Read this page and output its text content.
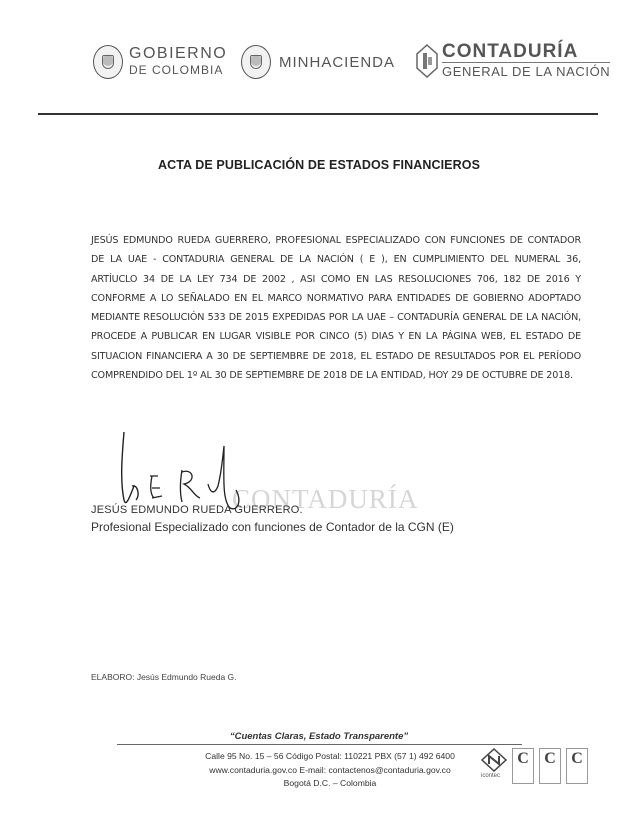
GOBIERNO
DE COLOMBIA	MINHACIENDA CONTADURÍA
GENERAL DE LA NACIÓN
ACTA DE PUBLICACIÓN DE ESTADOS FINANCIEROS
JESÚS EDMUNDO RUEDA GUERRERO, PROFESIONAL ESPECIALIZADO CON FUNCIONES DE CONTADOR DE LA UAE - CONTADURIA GENERAL DE LA NACIÓN ( E ), EN CUMPLIMIENTO DEL NUMERAL 36, ARTÍUCLO 34 DE LA LEY 734 DE 2002 , ASI COMO EN LAS RESOLUCIONES 706, 182 DE 2016 Y CONFORME A LO SEÑALADO EN EL MARCO NORMATIVO PARA ENTIDADES DE GOBIERNO ADOPTADO MEDIANTE RESOLUCIÓN 533 DE 2015 EXPEDIDAS POR LA UAE – CONTADURÍA GENERAL DE LA NACIÓN, PROCEDE A PUBLICAR EN LUGAR VISIBLE POR CINCO (5) DIAS Y EN LA PÁGINA WEB, EL ESTADO DE SITUACION FINANCIERA A 30 DE SEPTIEMBRE DE 2018, EL ESTADO DE RESULTADOS POR EL PERÍODO COMPRENDIDO DEL 1º AL 30 DE SEPTIEMBRE DE 2018 DE LA ENTIDAD, HOY 29 DE OCTUBRE DE 2018.
CONTADURÍA
JESÚS EDMUNDO RUEDA GUERRERO.
Profesional Especializado con funciones de Contador de la CGN (E)
ELABORO: Jesús Edmundo Rueda G.
“Cuentas Claras, Estado Transparente”
Calle 95 No. 15 – 56 Código Postal: 110221 PBX (57 1) 492 6400
www.contaduria.gov.co E-mail: contactenos@contaduria.gov.co
Bogotá D.C. – Colombia
icontec
C
C
C
